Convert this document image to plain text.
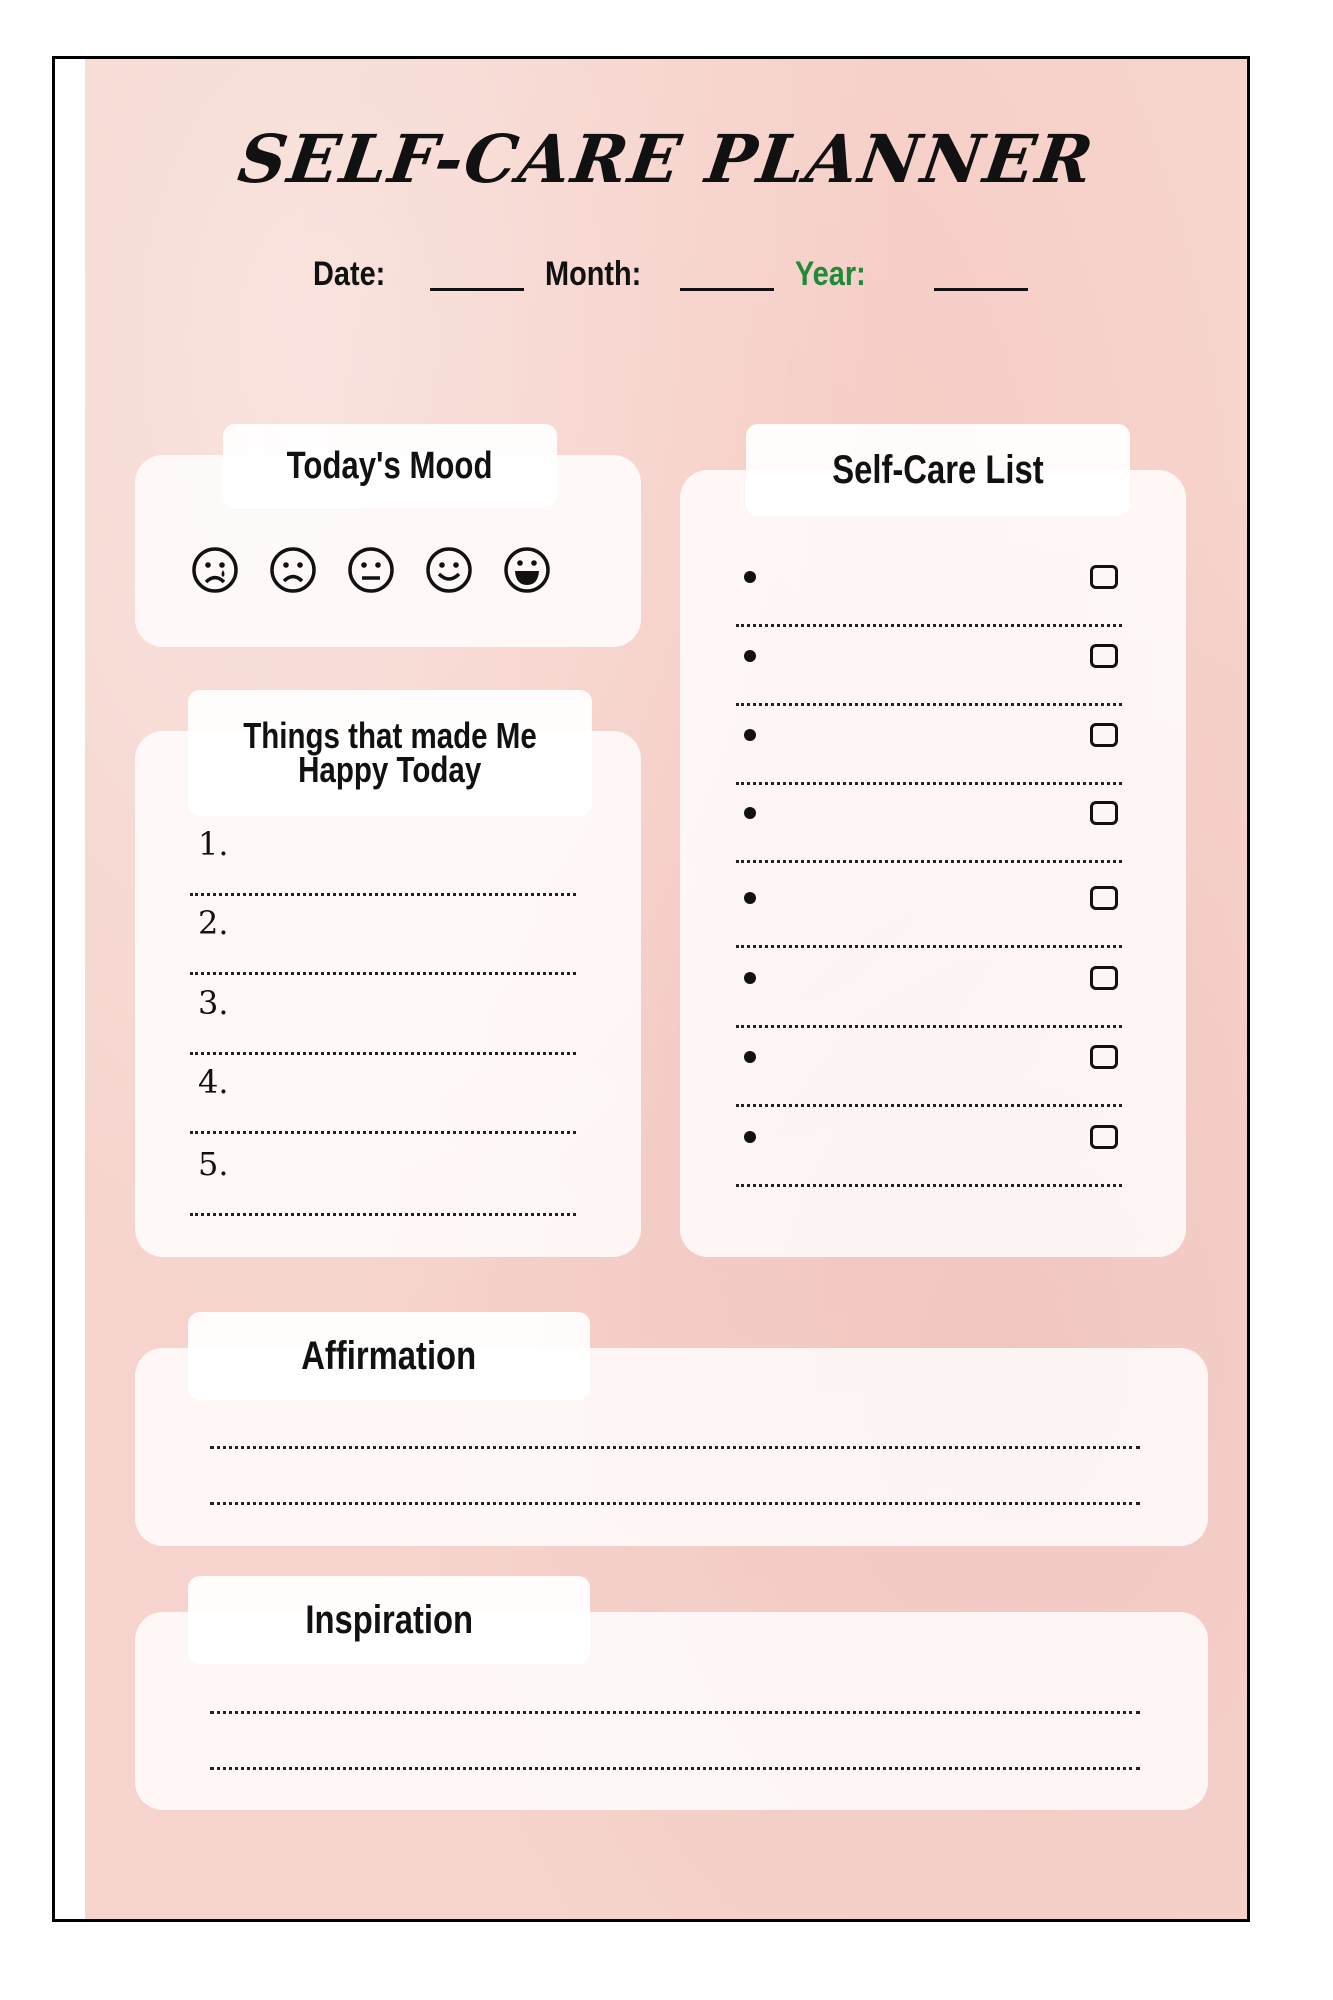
SELF-CARE PLANNER
Date:	Month:	Year:
Today's Mood
Things that made Me
Happy Today
1.
2.
3.
4.
5.
Self-Care List
Affirmation
Inspiration
